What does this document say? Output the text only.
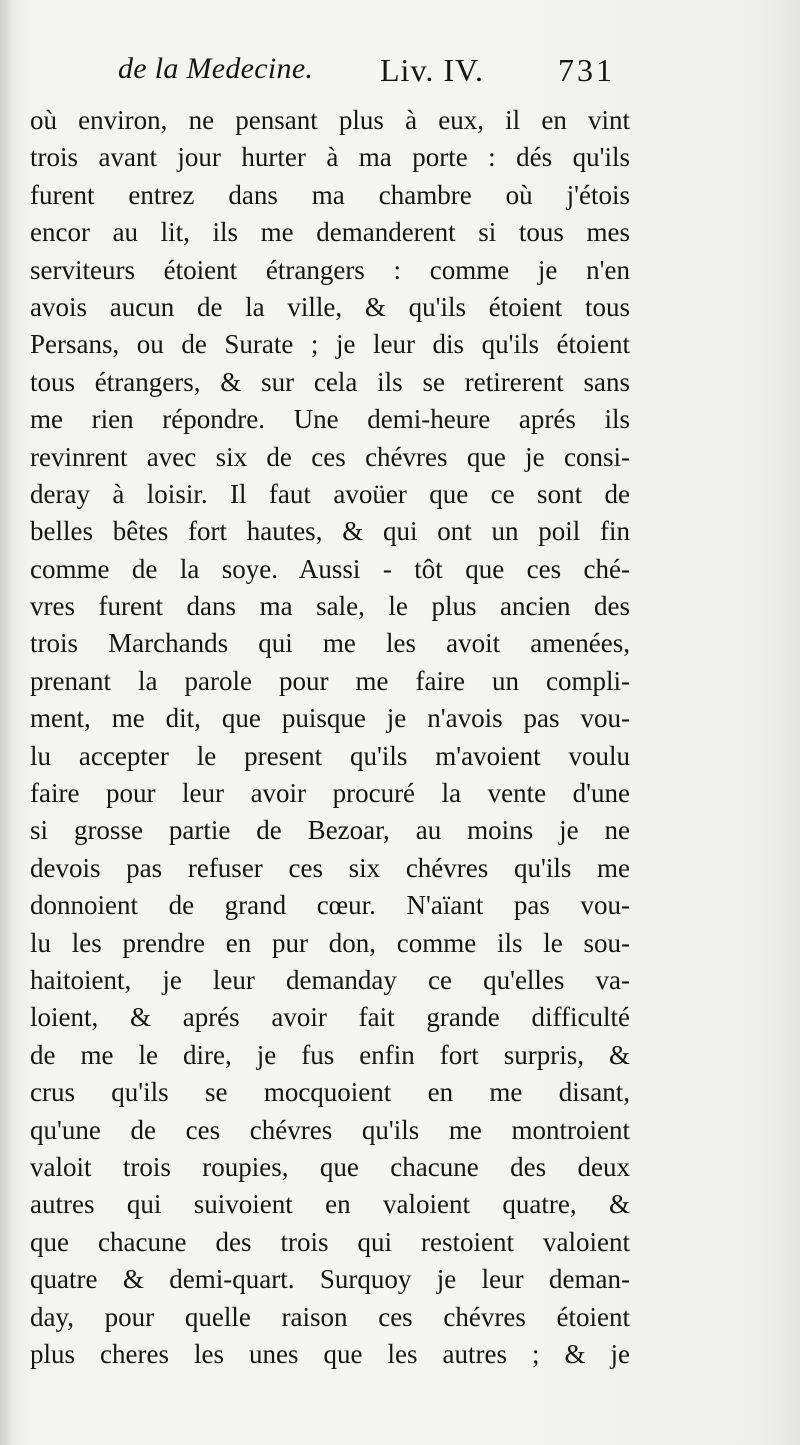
de la Medecine. Liv. IV. 731
où environ, ne pensant plus à eux, il en vint
trois avant jour hurter à ma porte : dés qu'ils
furent entrez dans ma chambre où j'étois
encor au lit, ils me demanderent si tous mes
serviteurs étoient étrangers : comme je n'en
avois aucun de la ville, & qu'ils étoient tous
Persans, ou de Surate ; je leur dis qu'ils étoient
tous étrangers, & sur cela ils se retirerent sans
me rien répondre. Une demi-heure aprés ils
revinrent avec six de ces chévres que je consi-
deray à loisir. Il faut avoüer que ce sont de
belles bêtes fort hautes, & qui ont un poil fin
comme de la soye. Aussi - tôt que ces ché-
vres furent dans ma sale, le plus ancien des
trois Marchands qui me les avoit amenées,
prenant la parole pour me faire un compli-
ment, me dit, que puisque je n'avois pas vou-
lu accepter le present qu'ils m'avoient voulu
faire pour leur avoir procuré la vente d'une
si grosse partie de Bezoar, au moins je ne
devois pas refuser ces six chévres qu'ils me
donnoient de grand cœur. N'aïant pas vou-
lu les prendre en pur don, comme ils le sou-
haitoient, je leur demanday ce qu'elles va-
loient, & aprés avoir fait grande difficulté
de me le dire, je fus enfin fort surpris, &
crus qu'ils se mocquoient en me disant,
qu'une de ces chévres qu'ils me montroient
valoit trois roupies, que chacune des deux
autres qui suivoient en valoient quatre, &
que chacune des trois qui restoient valoient
quatre & demi-quart. Surquoy je leur deman-
day, pour quelle raison ces chévres étoient
plus cheres les unes que les autres ; & je
